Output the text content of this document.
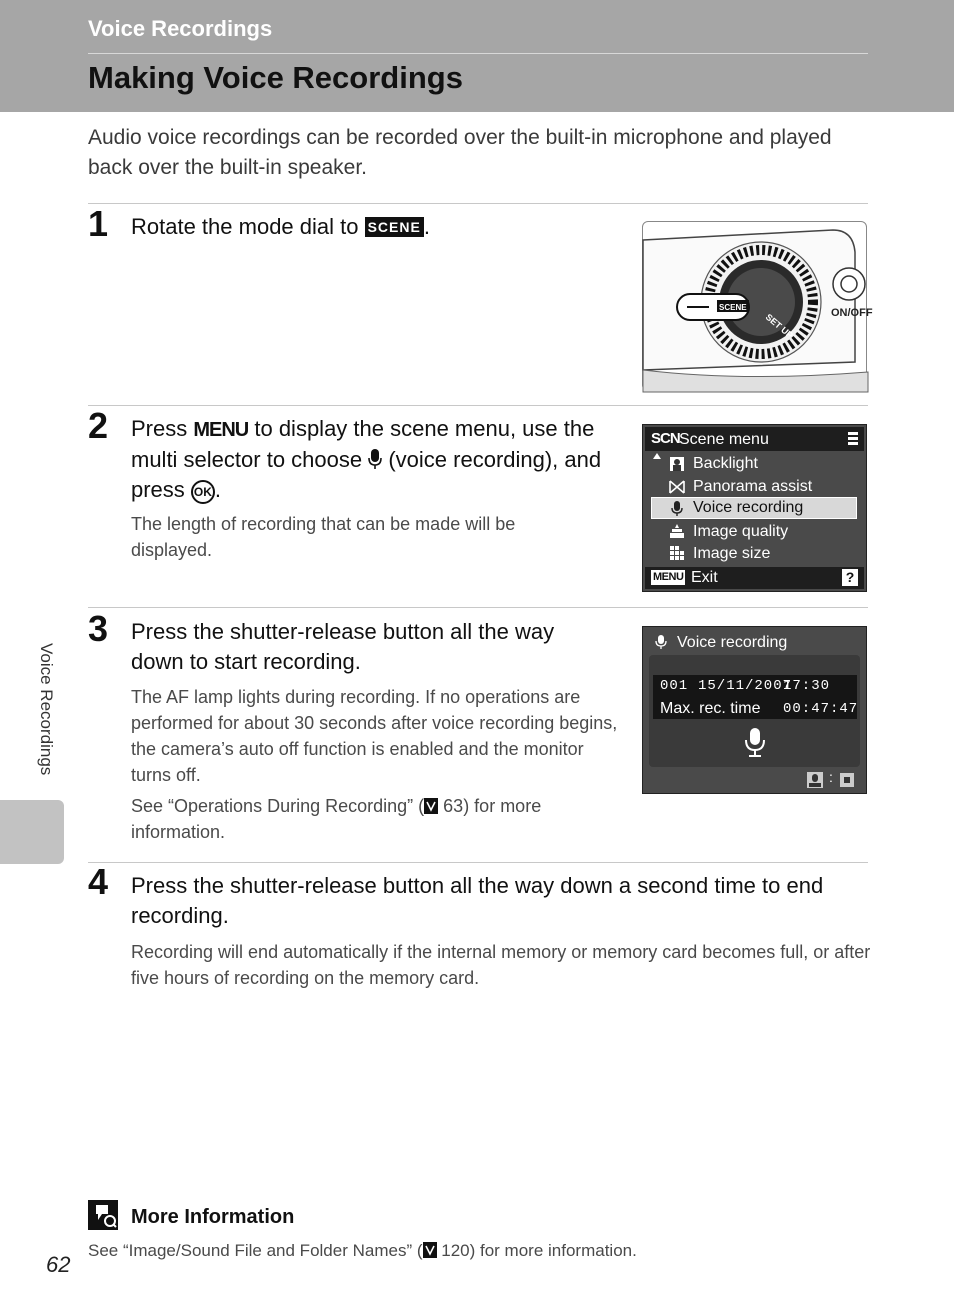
Voice Recordings
Making Voice Recordings
Audio voice recordings can be recorded over the built-in microphone and played back over the built-in speaker.
1 Rotate the mode dial to SCENE .
ON/OFF
SCENE
SET UP
2 Press MENU to display the scene menu, use the multi selector to choose  (voice recording), and press OK .
The length of recording that can be made will be displayed.
SCN Scene menu
Backlight
Panorama assist
Voice recording
Image quality
Image size
MENU Exit	?
3 Press the shutter-release button all the way down to start recording.
The AF lamp lights during recording. If no operations are performed for about 30 seconds after voice recording begins, the camera’s auto off function is enabled and the monitor turns off.
See “Operations During Recording” ( 63) for more information.
Voice recording
001 15/11/2007
17:30
Max. rec. time 00:47:47
:
4 Press the shutter-release button all the way down a second time to end recording.
Recording will end automatically if the internal memory or memory card becomes full, or after five hours of recording on the memory card.
Voice Recordings
More Information
See “Image/Sound File and Folder Names” ( 120) for more information.
62
